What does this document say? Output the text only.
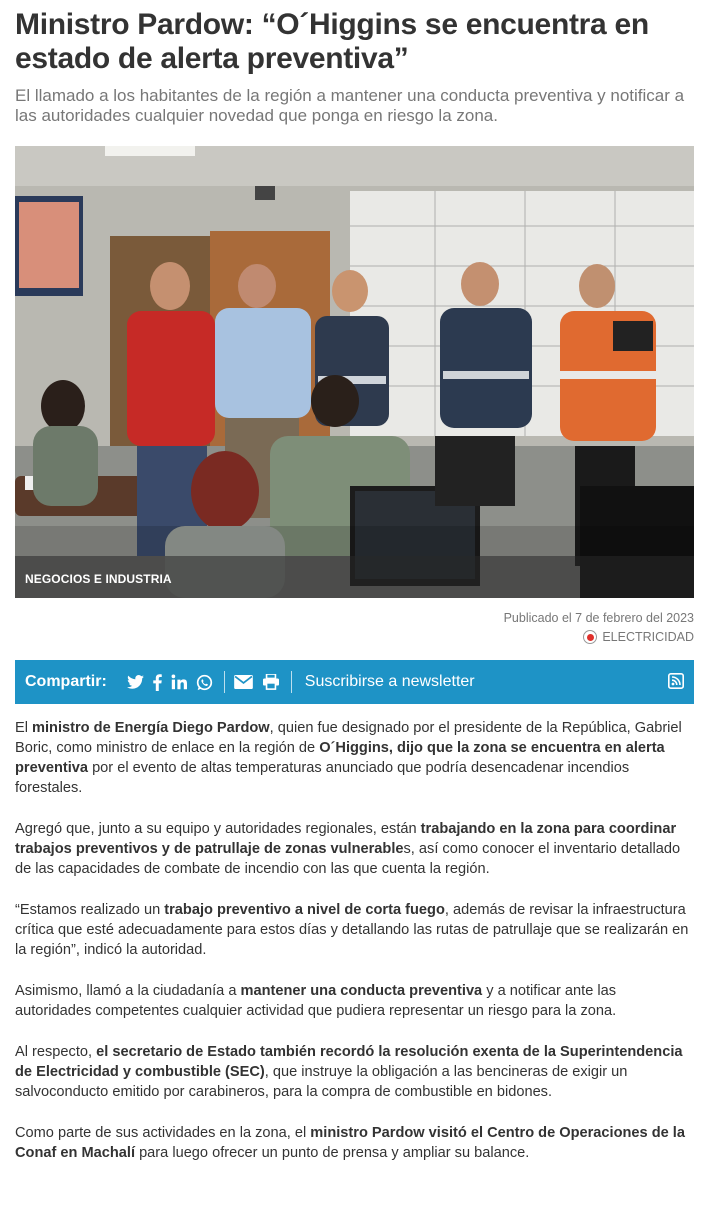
Ministro Pardow: “O´Higgins se encuentra en estado de alerta preventiva”
El llamado a los habitantes de la región a mantener una conducta preventiva y notificar a las autoridades cualquier novedad que ponga en riesgo la zona.
NEGOCIOS E INDUSTRIA
Publicado el 7 de febrero del 2023
ELECTRICIDAD
Compartir:	Suscribirse a newsletter

El ministro de Energía Diego Pardow, quien fue designado por el presidente de la República, Gabriel Boric, como ministro de enlace en la región de O´Higgins, dijo que la zona se encuentra en alerta preventiva por el evento de altas temperaturas anunciado que podría desencadenar incendios forestales.

Agregó que, junto a su equipo y autoridades regionales, están trabajando en la zona para coordinar trabajos preventivos y de patrullaje de zonas vulnerables, así como conocer el inventario detallado de las capacidades de combate de incendio con las que cuenta la región.

“Estamos realizado un trabajo preventivo a nivel de corta fuego, además de revisar la infraestructura crítica que esté adecuadamente para estos días y detallando las rutas de patrullaje que se realizarán en la región”, indicó la autoridad.

Asimismo, llamó a la ciudadanía a mantener una conducta preventiva y a notificar ante las autoridades competentes cualquier actividad que pudiera representar un riesgo para la zona.

Al respecto, el secretario de Estado también recordó la resolución exenta de la Superintendencia de Electricidad y combustible (SEC), que instruye la obligación a las bencineras de exigir un salvoconducto emitido por carabineros, para la compra de combustible en bidones.

Como parte de sus actividades en la zona, el ministro Pardow visitó el Centro de Operaciones de la Conaf en Machalí para luego ofrecer un punto de prensa y ampliar su balance.
